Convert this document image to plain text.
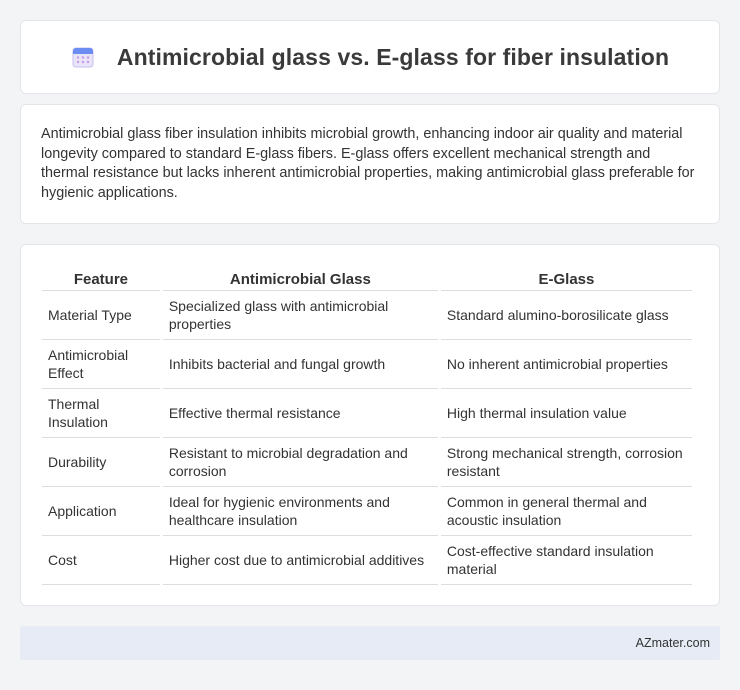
Antimicrobial glass vs. E-glass for fiber insulation

Antimicrobial glass fiber insulation inhibits microbial growth, enhancing indoor air quality and material longevity compared to standard E-glass fibers. E-glass offers excellent mechanical strength and thermal resistance but lacks inherent antimicrobial properties, making antimicrobial glass preferable for hygienic applications.

Feature	Antimicrobial Glass	E-Glass
Material Type	Specialized glass with antimicrobial properties	Standard alumino-borosilicate glass
Antimicrobial Effect	Inhibits bacterial and fungal growth	No inherent antimicrobial properties
Thermal Insulation	Effective thermal resistance	High thermal insulation value
Durability	Resistant to microbial degradation and corrosion	Strong mechanical strength, corrosion resistant
Application	Ideal for hygienic environments and healthcare insulation	Common in general thermal and acoustic insulation
Cost	Higher cost due to antimicrobial additives	Cost-effective standard insulation material
AZmater.com
